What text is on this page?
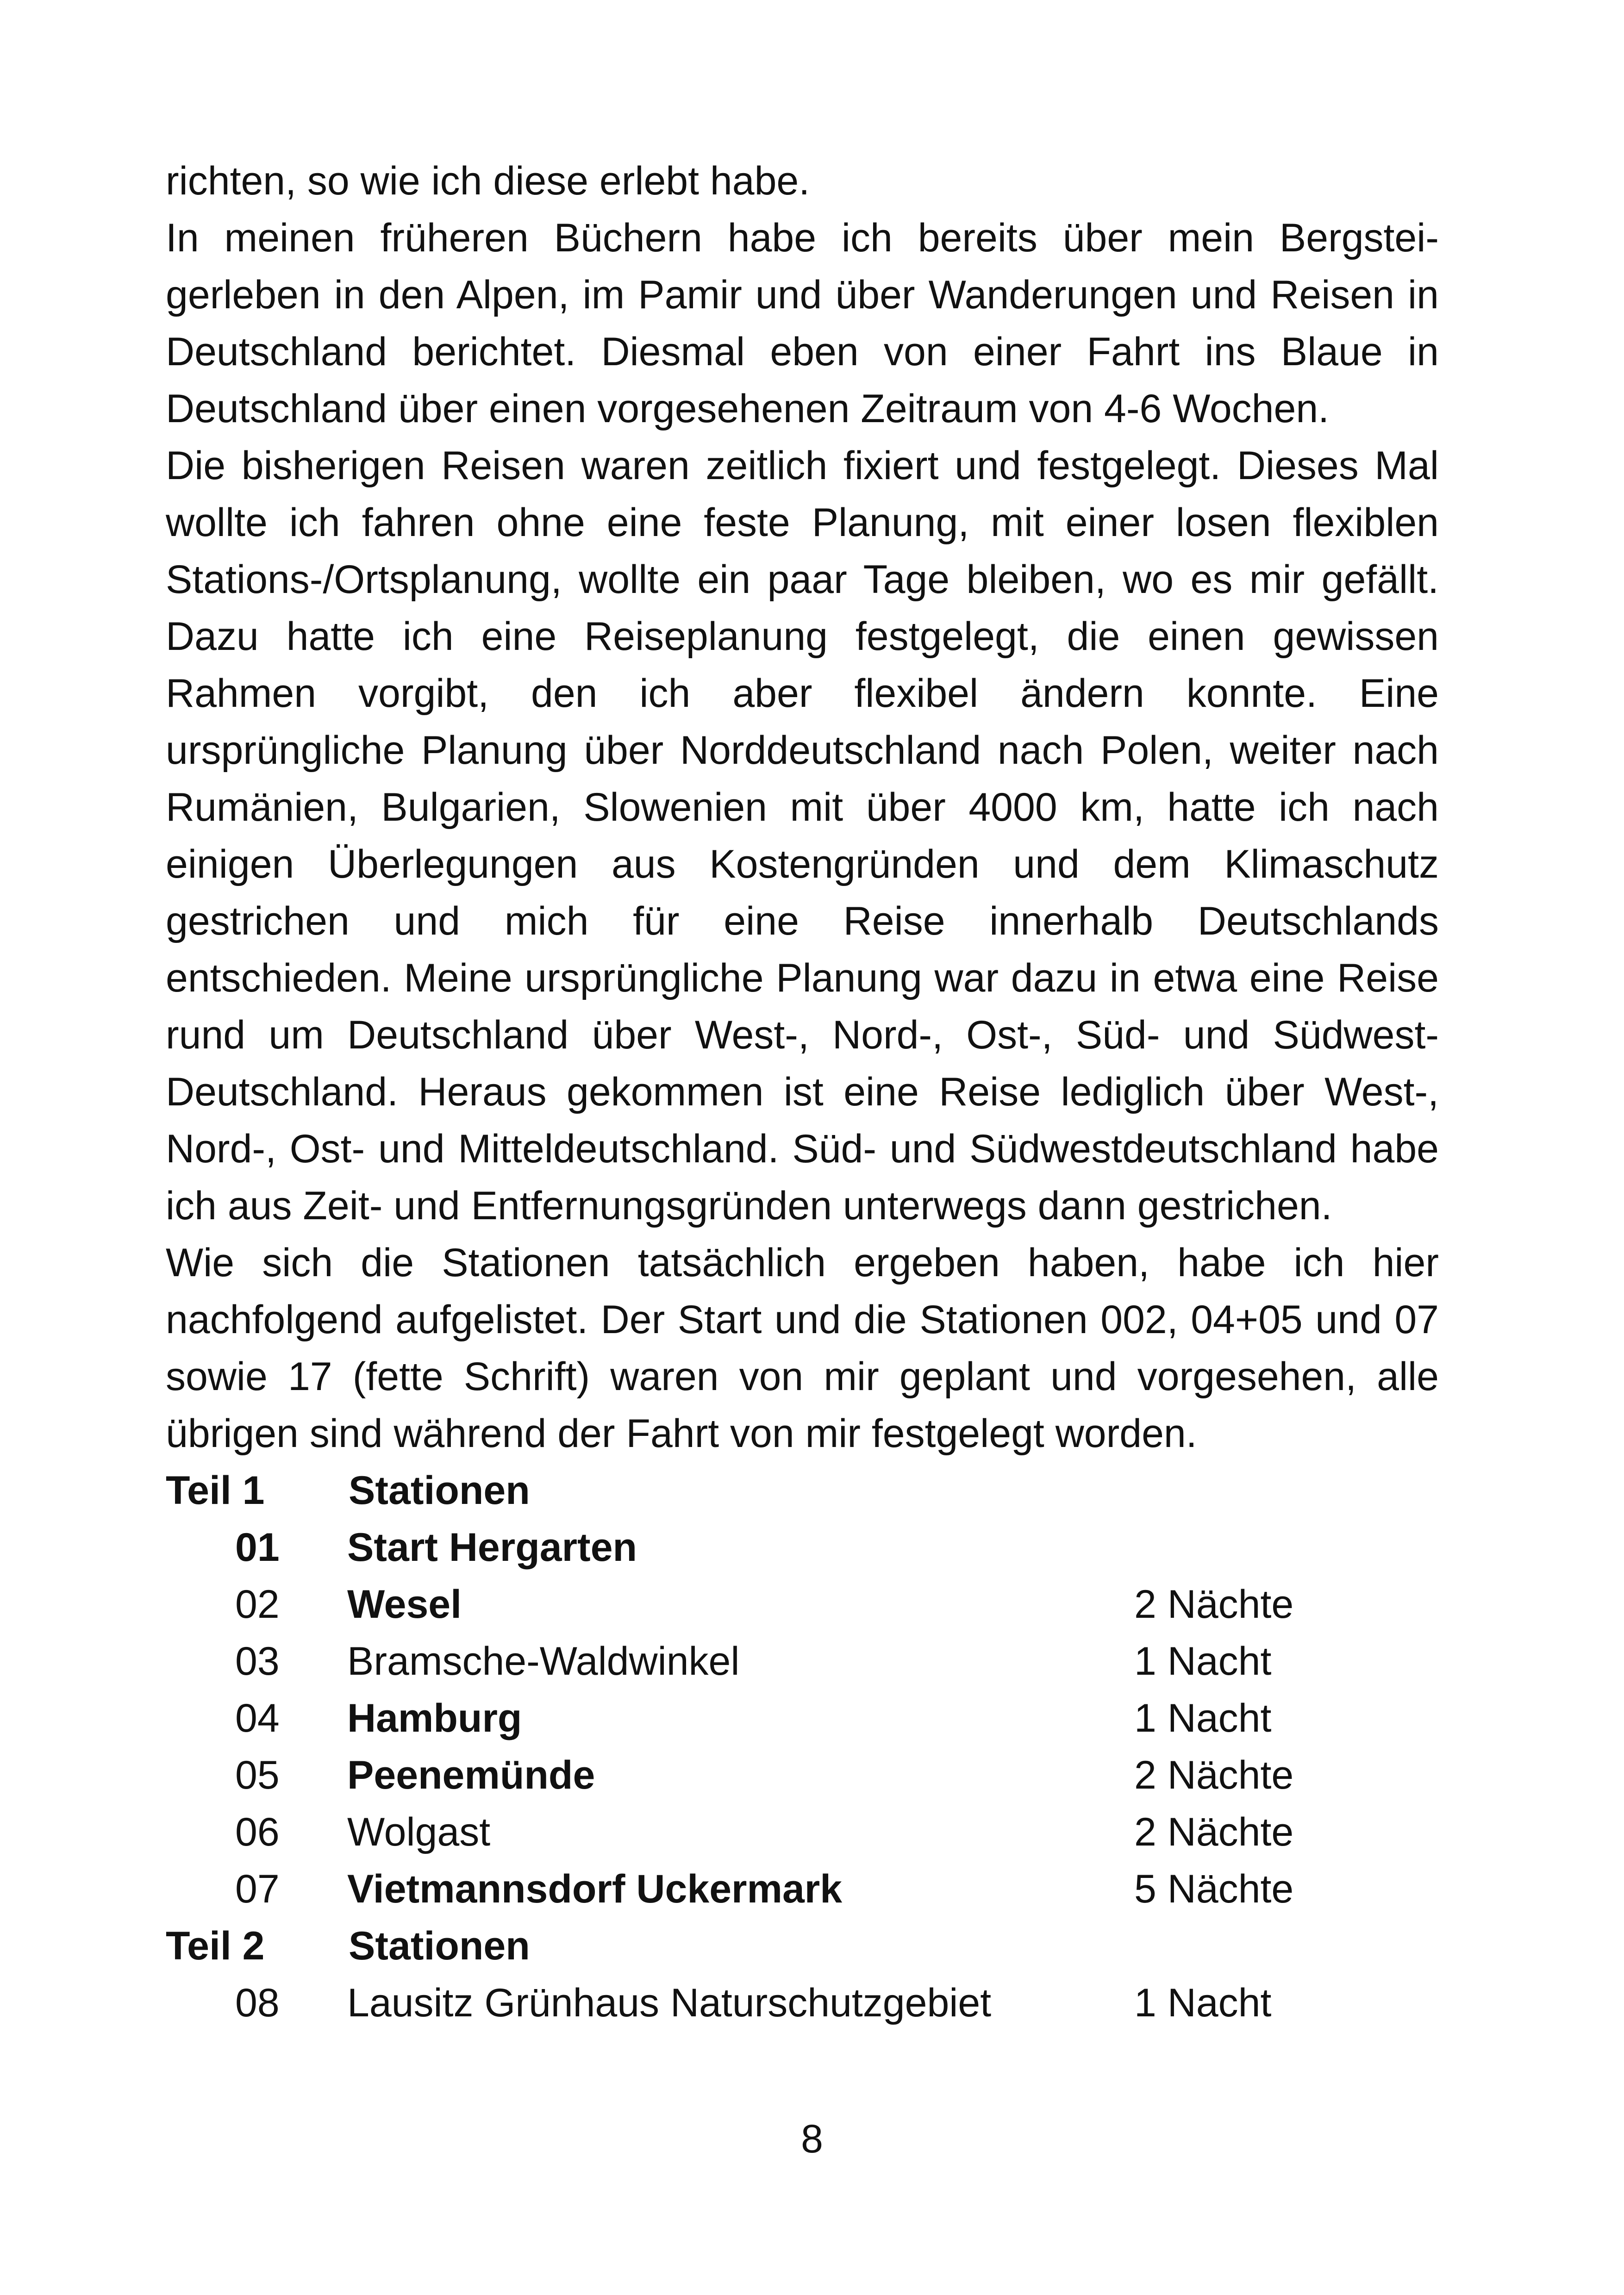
richten, so wie ich diese erlebt habe.

In meinen früheren Büchern habe ich bereits über mein Bergsteigerleben in den Alpen, im Pamir und über Wanderungen und Reisen in Deutschland berichtet. Diesmal eben von einer Fahrt ins Blaue in Deutschland über einen vorgesehenen Zeitraum von 4-6 Wochen.

Die bisherigen Reisen waren zeitlich fixiert und festgelegt. Dieses Mal wollte ich fahren ohne eine feste Planung, mit einer losen flexiblen Stations-/Ortsplanung, wollte ein paar Tage bleiben, wo es mir gefällt. Dazu hatte ich eine Reiseplanung festgelegt, die einen gewissen Rahmen vorgibt, den ich aber flexibel ändern konnte. Eine ursprüngliche Planung über Norddeutschland nach Polen, weiter nach Rumänien, Bulgarien, Slowenien mit über 4000 km, hatte ich nach einigen Überlegungen aus Kostengründen und dem Klimaschutz gestrichen und mich für eine Reise innerhalb Deutschlands entschieden. Meine ursprüngliche Planung war dazu in etwa eine Reise rund um Deutschland über West-, Nord-, Ost-, Süd- und Südwest-Deutschland. Heraus gekommen ist eine Reise lediglich über West-, Nord-, Ost- und Mitteldeutschland. Süd- und Südwestdeutschland habe ich aus Zeit- und Entfernungsgründen unterwegs dann gestrichen.

Wie sich die Stationen tatsächlich ergeben haben, habe ich hier nachfolgend aufgelistet. Der Start und die Stationen 002, 04+05 und 07 sowie 17 (fette Schrift) waren von mir geplant und vorgesehen, alle übrigen sind während der Fahrt von mir festgelegt worden.

Teil 1 Stationen
01 Start Hergarten
02 Wesel	2 Nächte
03 Bramsche-Waldwinkel	1 Nacht
04 Hamburg	1 Nacht
05 Peenemünde	2 Nächte
06 Wolgast	2 Nächte
07 Vietmannsdorf Uckermark	5 Nächte
Teil 2 Stationen
08 Lausitz Grünhaus Naturschutzgebiet	1 Nacht
8
